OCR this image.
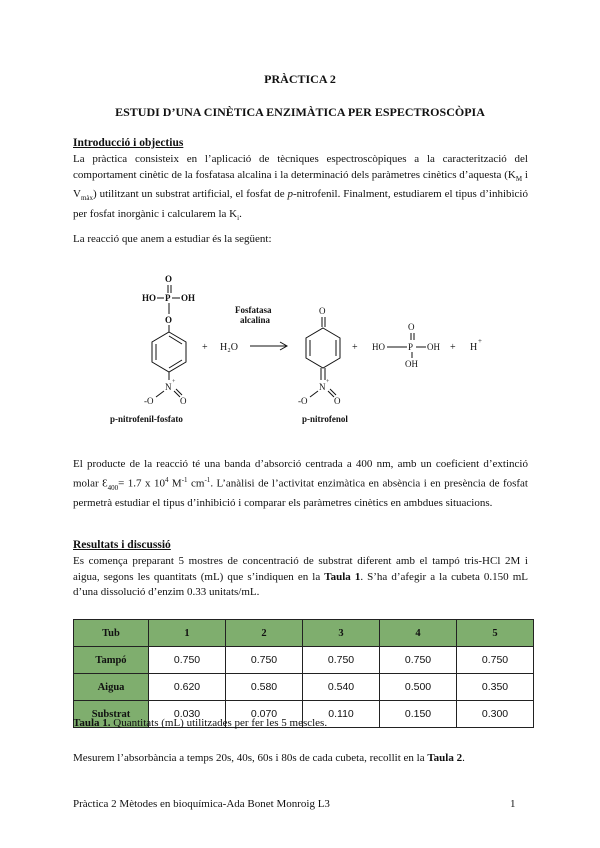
PRÀCTICA 2
ESTUDI D’UNA CINÈTICA ENZIMÀTICA PER ESPECTROSCÒPIA
Introducció i objectius
La pràctica consisteix en l’aplicació de tècniques espectroscòpiques a la caracterització del comportament cinètic de la fosfatasa alcalina i la determinació dels paràmetres cinètics d’aquesta ($K_M$ i $V_{màx}$) utilitzant un substrat artificial, el fosfat de p-nitrofenil. Finalment, estudiarem el tipus d’inhibició per fosfat inorgànic i calcularem la $K_i$.
La reacció que anem a estudiar és la següent:
O
HO P OH
O
N +
-O	O
p-nitrofenil-fosfato
+ H₂O
Fosfatasa
alcalina
O
N +
-O	O
p-nitrofenol
+
O
HO	P OH
OH
+ H
+
El producte de la reacció té una banda d’absorció centrada a 400 nm, amb un coeficient d’extinció molar $Ɛ_{400}= 1.7$ x $10^4$ $M^{-1}$ $cm^{-1}$. L’anàlisi de l’activitat enzimàtica en absència i en presència de fosfat permetrà estudiar el tipus d’inhibició i comparar els paràmetres cinètics en ambdues situacions.
Resultats i discussió
Es comença preparant 5 mostres de concentració de substrat diferent amb el tampó tris-HCl 2M i aigua, segons les quantitats (mL) que s’indiquen en la Taula 1. S’ha d’afegir a la cubeta 0.150 mL d’una dissolució d’enzim 0.33 unitats/mL.
Tub	1	2	3	4	5
Tampó	0.750	0.750	0.750	0.750	0.750
Aigua	0.620	0.580	0.540	0.500	0.350
Substrat	0.030	0.070	0.110	0.150	0.300
Taula 1. Quantitats (mL) utilitzades per fer les 5 mescles.
Mesurem l’absorbància a temps 20s, 40s, 60s i 80s de cada cubeta, recollit en la Taula 2.
Pràctica 2 Mètodes en bioquímica-Ada Bonet Monroig L3	1
